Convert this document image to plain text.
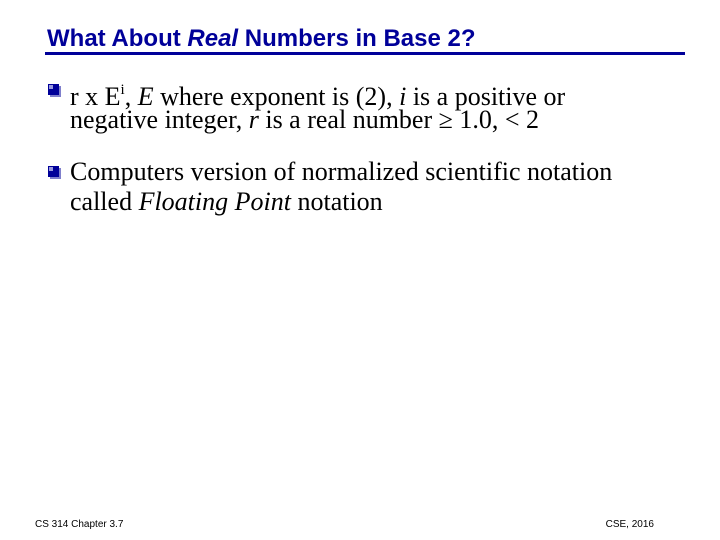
What About Real Numbers in Base 2?
r x $E^i$, E where exponent is (2), i is a positive or
negative integer, r is a real number ≥ 1.0, < 2
Computers version of normalized scientific notation
called Floating Point notation
CS 314 Chapter 3.7	CSE, 2016
